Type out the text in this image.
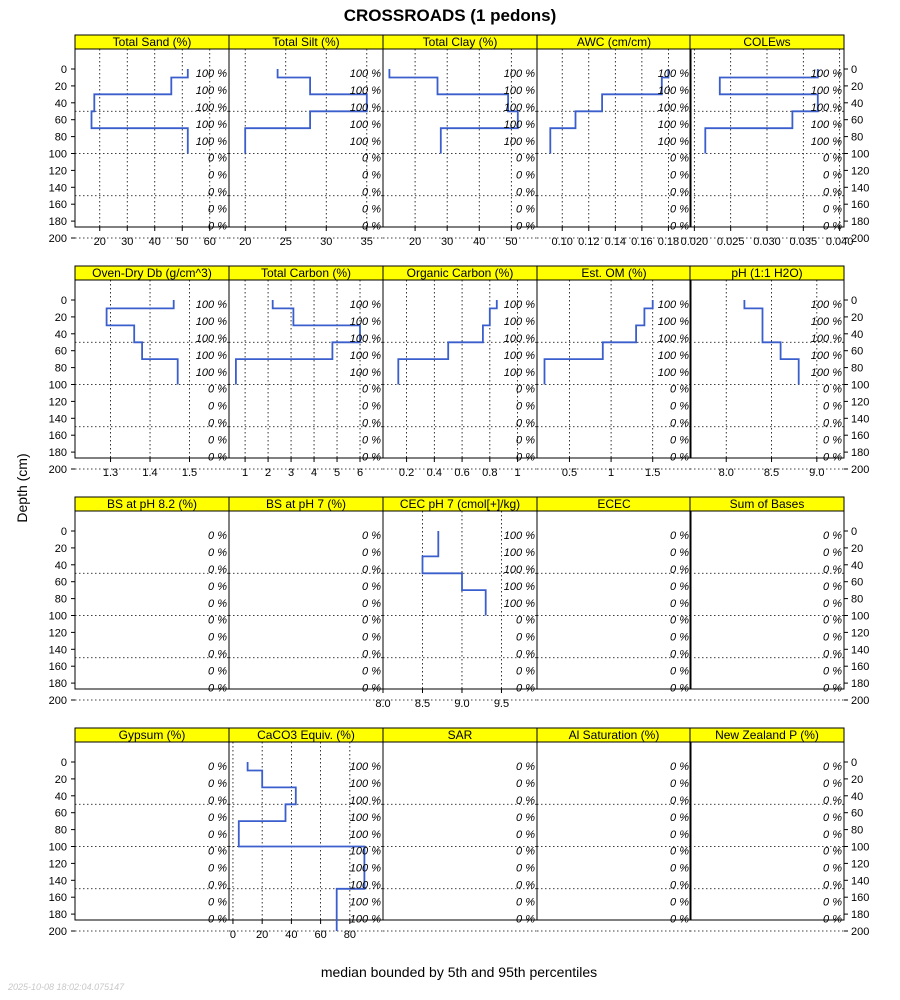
CROSSROADS (1 pedons)
Depth (cm)
median bounded by 5th and 95th percentiles
2025-10-08 18:02:04.075147
Total Sand (%)
100 %
100 %
100 %
100 %
100 %
0 %
0 %
0 %
0 %
0 %
20 30 40 50 60
0
20
40
60
80
100
120
140
160
180
200
Total Silt (%)
100 %
100 %
100 %
100 %
100 %
0 %
0 %
0 %
0 %
0 %
20	25	30	35
Total Clay (%)
100 %
100 %
100 %
100 %
100 %
0 %
0 %
0 %
0 %
0 %
20 30 40 50
AWC (cm/cm)
100 %
100 %
100 %
100 %
100 %
0 %
0 %
0 %
0 %
0 %
0.10 0.12 0.14 0.16 0.18
COLEws
100 %
100 %
100 %
100 %
100 %
0 %
0 %
0 %
0 %
0 %
0.020 0.025 0.030 0.035 0.040
0
20
40
60
80
100
120
140
160
180
200
Oven-Dry Db (g/cm^3)
100 %
100 %
100 %
100 %
100 %
0 %
0 %
0 %
0 %
0 %
1.3 1.4 1.5
0
20
40
60
80
100
120
140
160
180
200
Total Carbon (%)
100 %
100 %
100 %
100 %
100 %
0 %
0 %
0 %
0 %
0 %
1 2 3 4 5 6
Organic Carbon (%)
100 %
100 %
100 %
100 %
100 %
0 %
0 %
0 %
0 %
0 %
0.2 0.4 0.6 0.8 1
Est. OM (%)
100 %
100 %
100 %
100 %
100 %
0 %
0 %
0 %
0 %
0 %
0.5	1	1.5
pH (1:1 H2O)
100 %
100 %
100 %
100 %
100 %
0 %
0 %
0 %
0 %
0 %
8.0	8.5	9.0
0
20
40
60
80
100
120
140
160
180
200
BS at pH 8.2 (%)
0 %
0 %
0 %
0 %
0 %
0 %
0 %
0 %
0 %
0 %
0
20
40
60
80
100
120
140
160
180
200
BS at pH 7 (%)
0 %
0 %
0 %
0 %
0 %
0 %
0 %
0 %
0 %
0 %
CEC pH 7 (cmol[+]/kg)
100 %
100 %
100 %
100 %
100 %
0 %
0 %
0 %
0 %
0 %
8.0 8.5 9.0 9.5
ECEC
0 %
0 %
0 %
0 %
0 %
0 %
0 %
0 %
0 %
0 %
Sum of Bases
0 %
0 %
0 %
0 %
0 %
0 %
0 %
0 %
0 %
0 %
0
20
40
60
80
100
120
140
160
180
200
Gypsum (%)
0 %
0 %
0 %
0 %
0 %
0 %
0 %
0 %
0 %
0 %
0
20
40
60
80
100
120
140
160
180
200
CaCO3 Equiv. (%)
100 %
100 %
100 %
100 %
100 %
100 %
100 %
100 %
100 %
100 %
0 20 40 60 80
SAR
0 %
0 %
0 %
0 %
0 %
0 %
0 %
0 %
0 %
0 %
Al Saturation (%)
0 %
0 %
0 %
0 %
0 %
0 %
0 %
0 %
0 %
0 %
New Zealand P (%)
0 %
0 %
0 %
0 %
0 %
0 %
0 %
0 %
0 %
0 %
0
20
40
60
80
100
120
140
160
180
200
